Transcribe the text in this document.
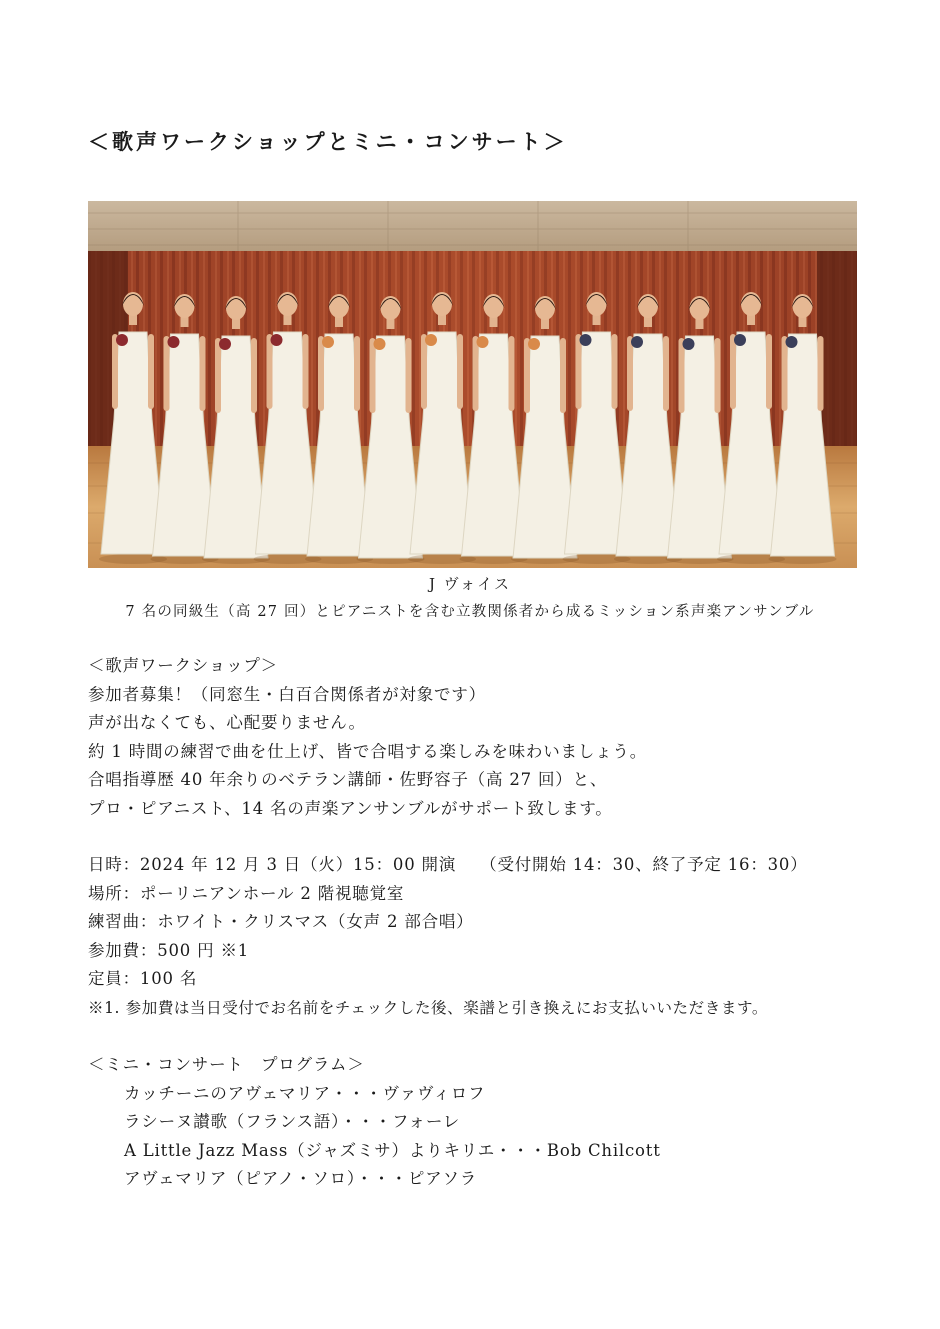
＜歌声ワークショップとミニ・コンサート＞
J ヴォイス
7 名の同級生（高 27 回）とピアニストを含む立教関係者から成るミッション系声楽アンサンブル

＜歌声ワークショップ＞

参加者募集！（同窓生・白百合関係者が対象です）

声が出なくても、心配要りません。

約 1 時間の練習で曲を仕上げ、皆で合唱する楽しみを味わいましょう。

合唱指導歴 40 年余りのベテラン講師・佐野容子（高 27 回）と、

プロ・ピアニスト、14 名の声楽アンサンブルがサポート致します。

日時：2024 年 12 月 3 日（火）15：00 開演 （受付開始 14：30、終了予定 16：30）

場所：ポーリニアンホール 2 階視聴覚室

練習曲：ホワイト・クリスマス（女声 2 部合唱）

参加費：500 円 ※1

定員：100 名

※1. 参加費は当日受付でお名前をチェックした後、楽譜と引き換えにお支払いいただきます。

＜ミニ・コンサート　プログラム＞

カッチーニのアヴェマリア・・・ヴァヴィロフ

ラシーヌ讃歌（フランス語）・・・フォーレ

A Little Jazz Mass（ジャズミサ）よりキリエ・・・Bob Chilcott

アヴェマリア（ピアノ・ソロ）・・・ピアソラ
